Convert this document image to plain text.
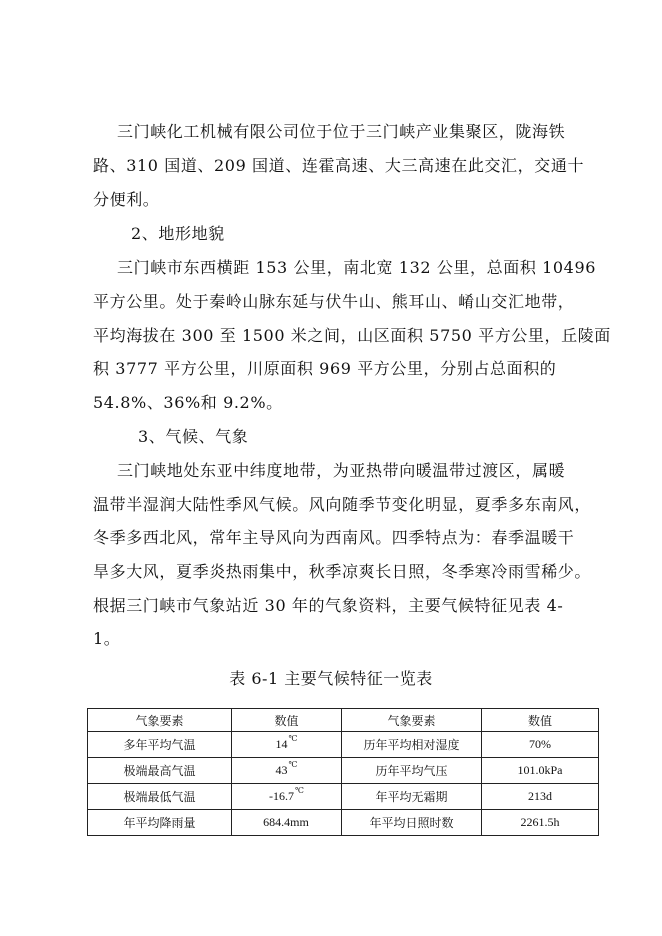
三门峡化工机械有限公司位于位于三门峡产业集聚区，陇海铁
路、310 国道、209 国道、连霍高速、大三高速在此交汇，交通十
分便利。
2、地形地貌
三门峡市东西横距 153 公里，南北宽 132 公里，总面积 10496
平方公里。处于秦岭山脉东延与伏牛山、熊耳山、崤山交汇地带，
平均海拔在 300 至 1500 米之间，山区面积 5750 平方公里，丘陵面
积 3777 平方公里，川原面积 969 平方公里，分别占总面积的
54.8%、36%和 9.2%。
3、气候、气象
三门峡地处东亚中纬度地带，为亚热带向暖温带过渡区，属暖
温带半湿润大陆性季风气候。风向随季节变化明显，夏季多东南风，
冬季多西北风，常年主导风向为西南风。四季特点为：春季温暖干
旱多大风，夏季炎热雨集中，秋季凉爽长日照，冬季寒冷雨雪稀少。
根据三门峡市气象站近 30 年的气象资料，主要气候特征见表 4-
1。
表 6-1 主要气候特征一览表
气象要素	数值	气象要素	数值
多年平均气温	14℃	历年平均相对湿度	70%
极端最高气温	43℃	历年平均气压	101.0kPa
极端最低气温	-16.7℃	年平均无霜期	213d
年平均降雨量	684.4mm	年平均日照时数	2261.5h
